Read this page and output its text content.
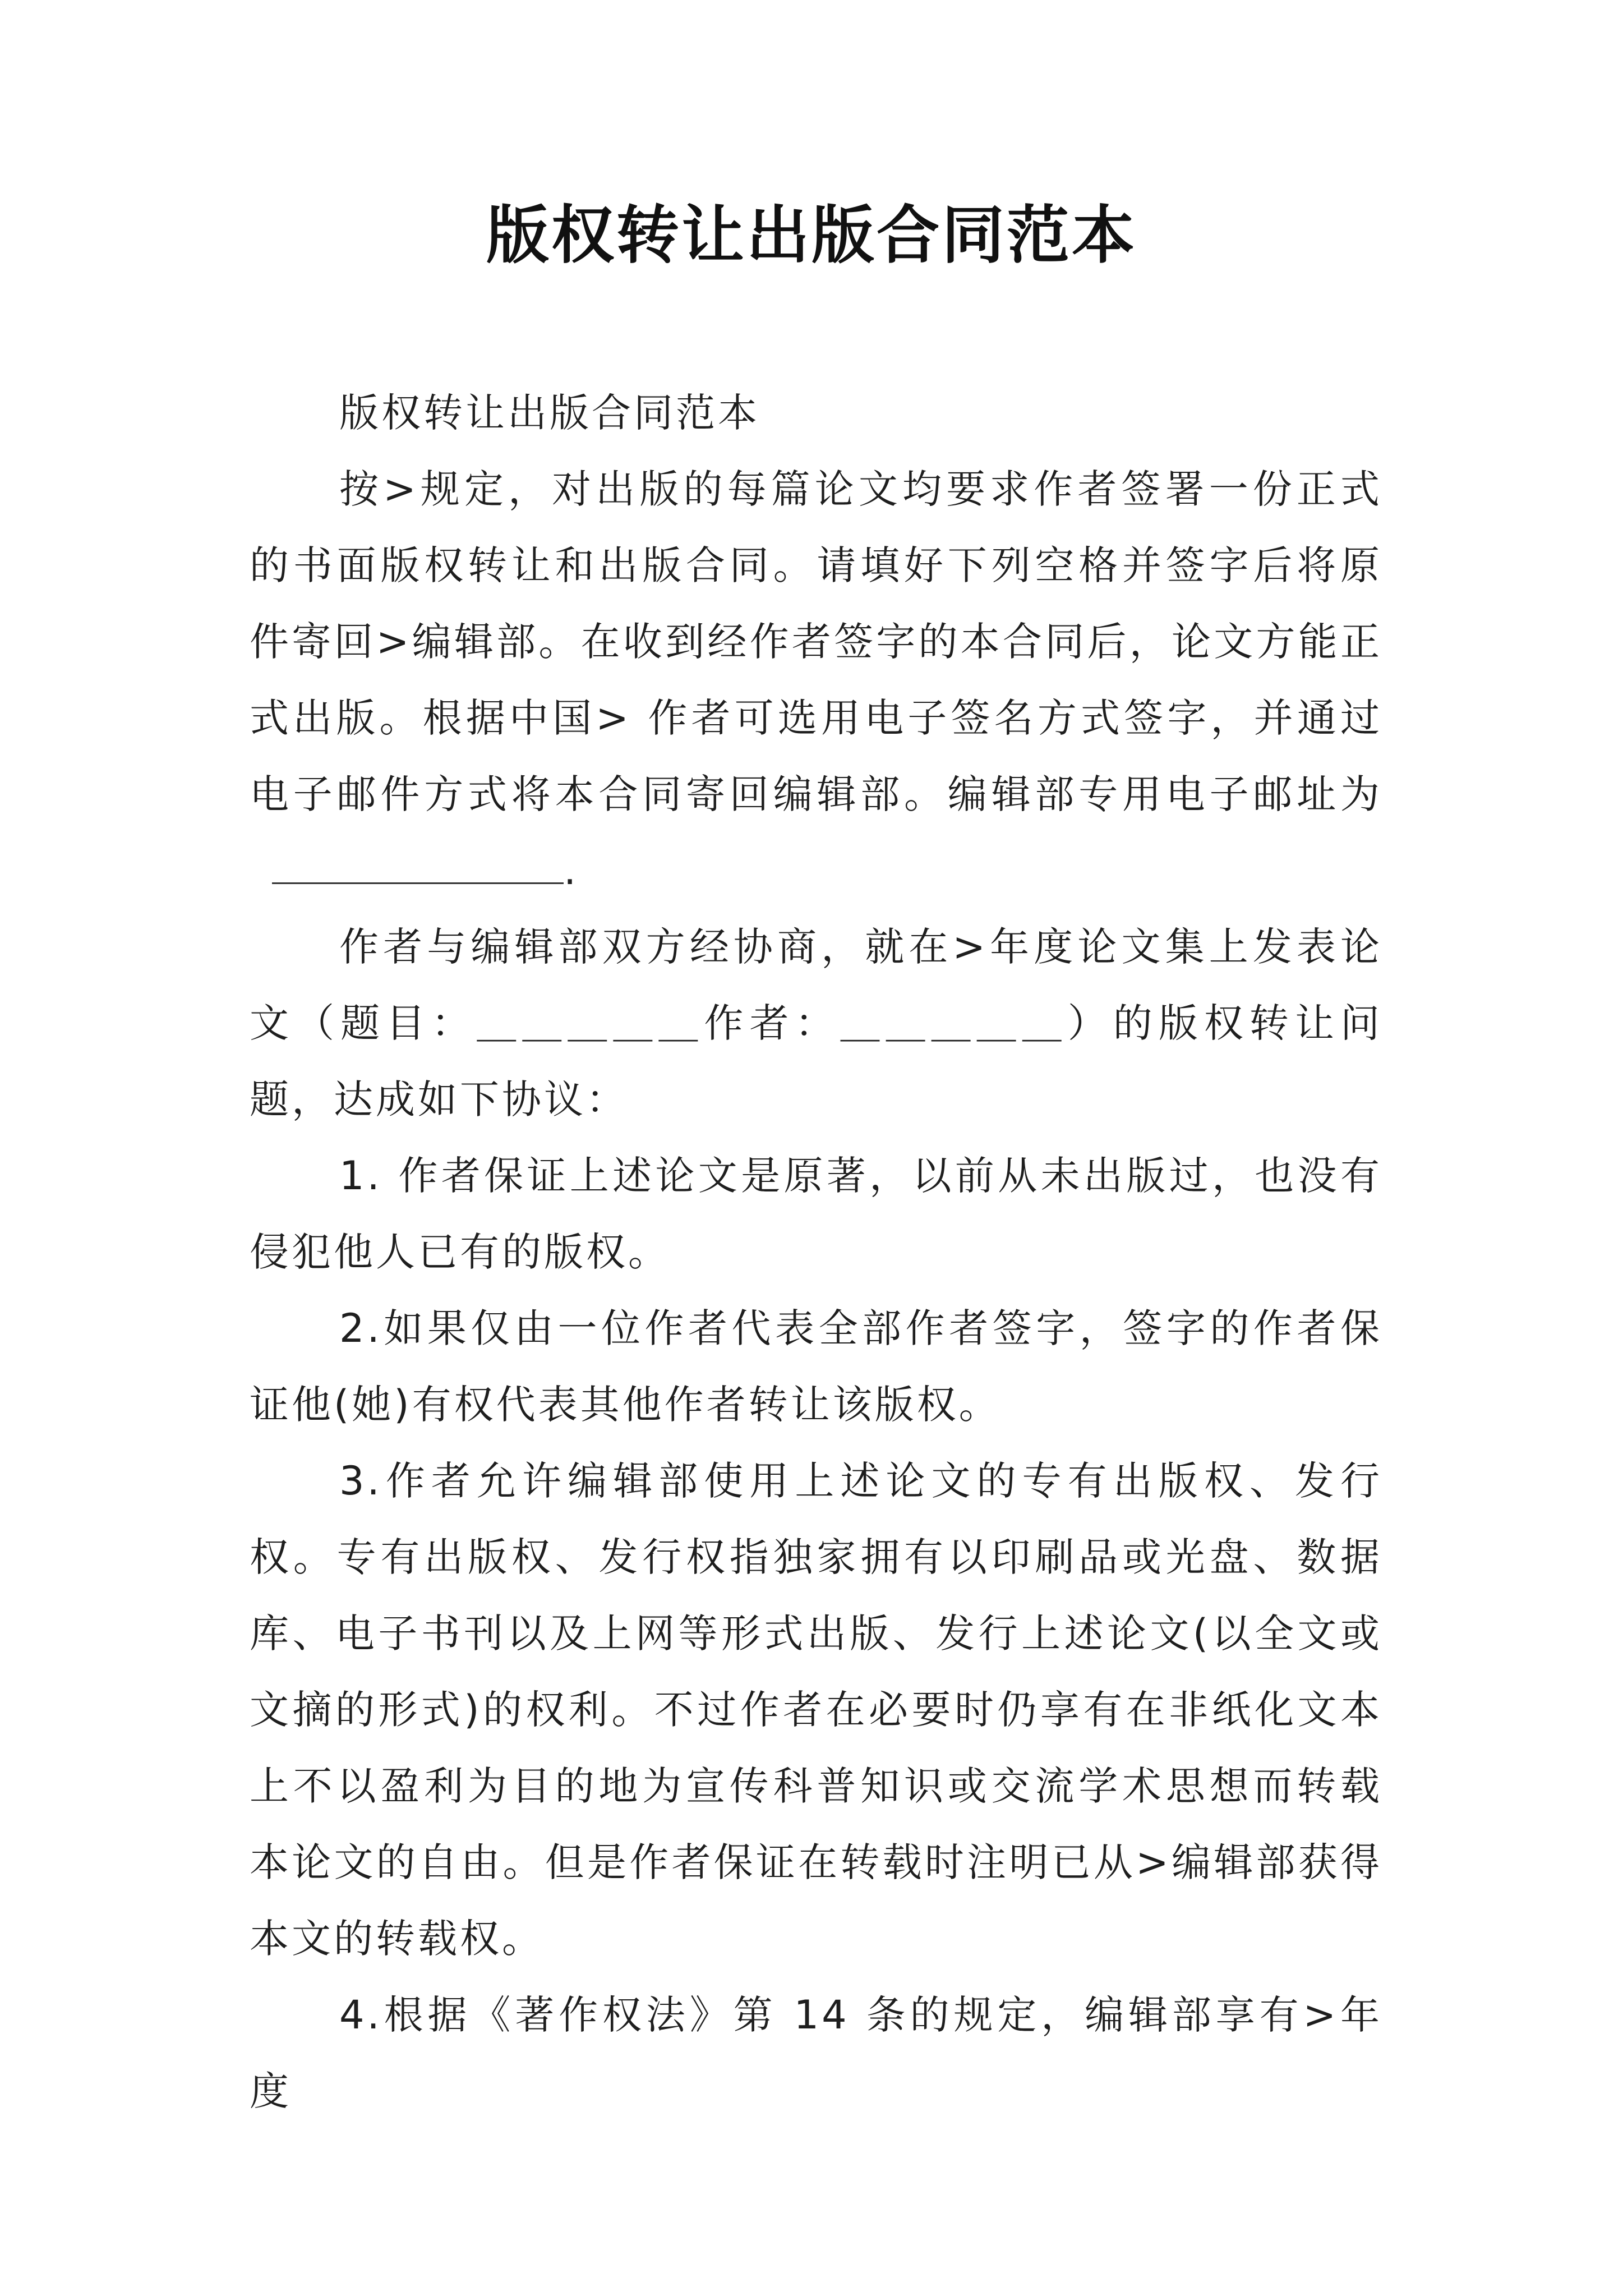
版权转让出版合同范本

版权转让出版合同范本

按>规定，对出版的每篇论文均要求作者签署一份正式的书面版权转让和出版合同。请填好下列空格并签字后将原件寄回>编辑部。在收到经作者签字的本合同后，论文方能正式出版。根据中国> 作者可选用电子签名方式签字，并通过电子邮件方式将本合同寄回编辑部。编辑部专用电子邮址为.

作者与编辑部双方经协商，就在>年度论文集上发表论文（题目：＿＿＿＿＿作者：＿＿＿＿＿）的版权转让问题，达成如下协议：

1. 作者保证上述论文是原著，以前从未出版过，也没有侵犯他人已有的版权。

2.如果仅由一位作者代表全部作者签字，签字的作者保证他(她)有权代表其他作者转让该版权。

3.作者允许编辑部使用上述论文的专有出版权、发行权。专有出版权、发行权指独家拥有以印刷品或光盘、数据库、电子书刊以及上网等形式出版、发行上述论文(以全文或文摘的形式)的权利。不过作者在必要时仍享有在非纸化文本上不以盈利为目的地为宣传科普知识或交流学术思想而转载本论文的自由。但是作者保证在转载时注明已从>编辑部获得本文的转载权。

4.根据《著作权法》第 14 条的规定，编辑部享有>年度
